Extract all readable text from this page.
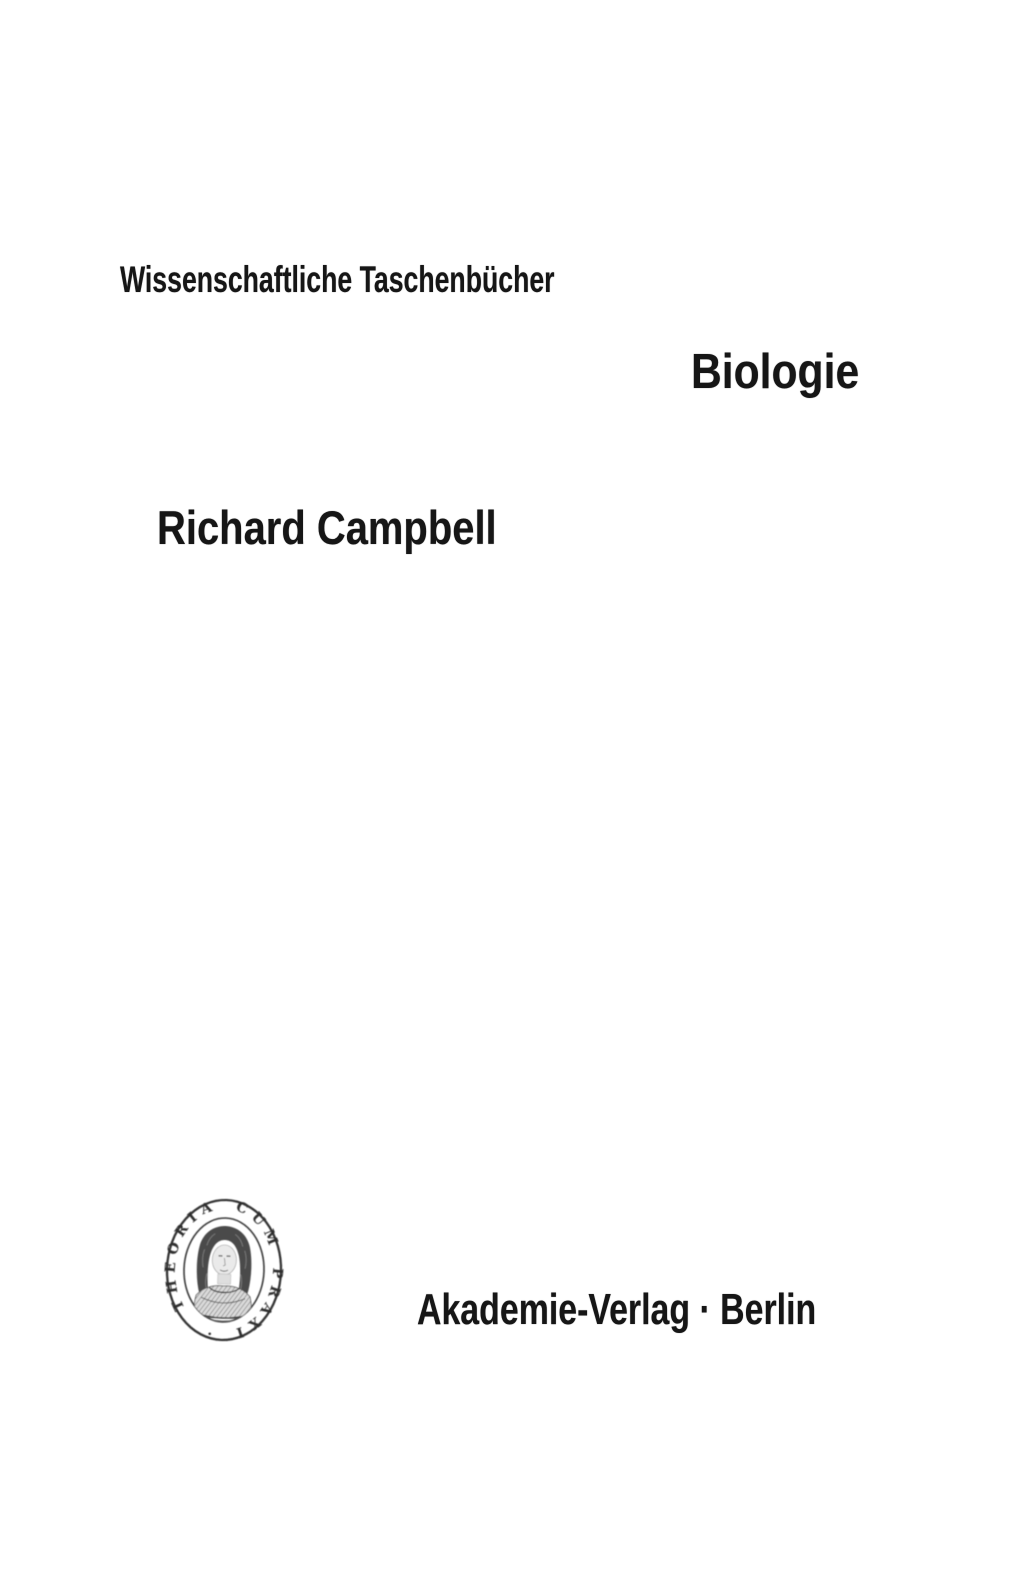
Wissenschaftliche Taschenbücher
Biologie
Richard Campbell
THEORIA CUM PRAXI ·	Akademie-Verlag · Berlin
